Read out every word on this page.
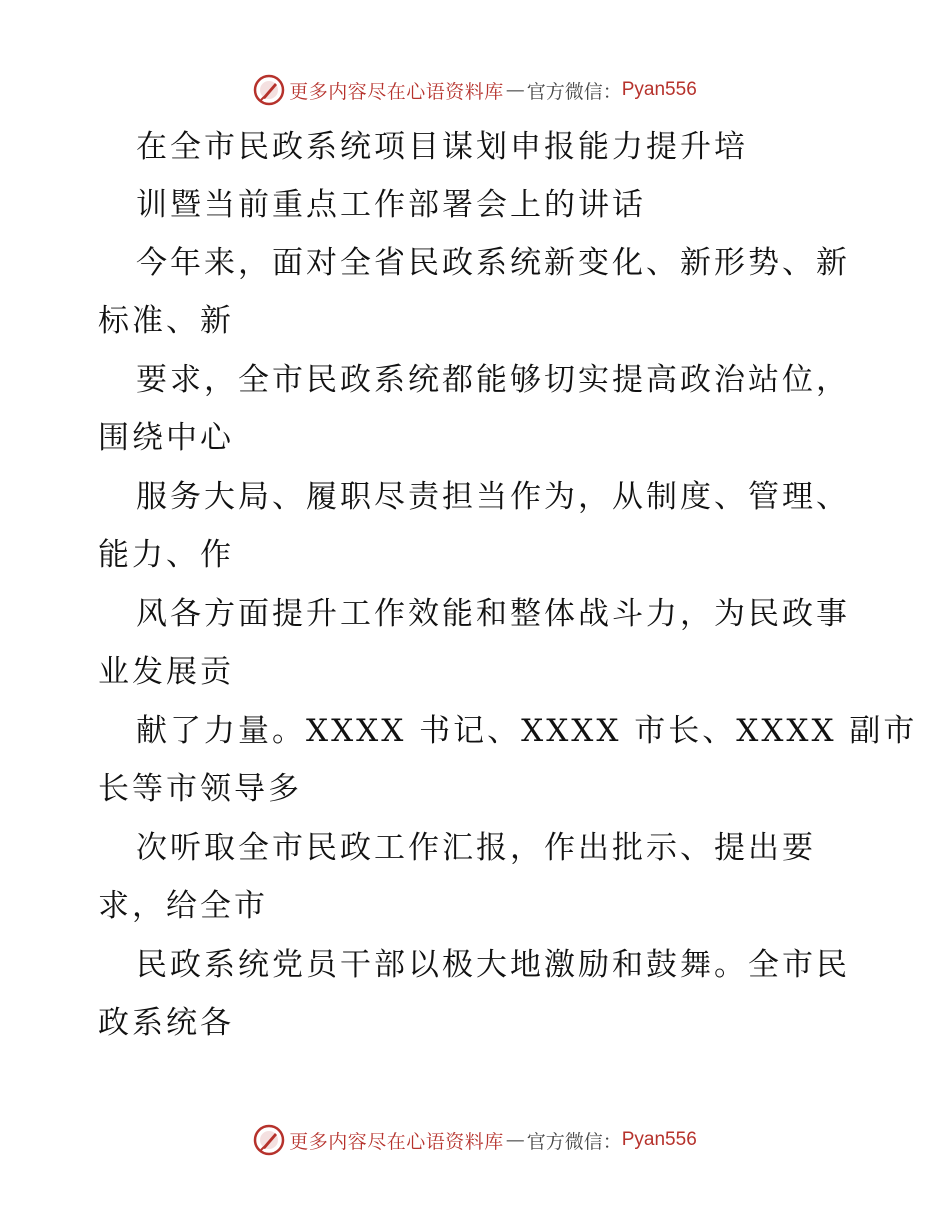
更多内容尽在心语资料库 — 官方微信： Pyan556
在全市民政系统项目谋划申报能力提升培
训暨当前重点工作部署会上的讲话
今年来，面对全省民政系统新变化、新形势、新
标准、新
要求，全市民政系统都能够切实提高政治站位，
围绕中心
服务大局、履职尽责担当作为，从制度、管理、
能力、作
风各方面提升工作效能和整体战斗力，为民政事
业发展贡
献了力量。XXXX 书记、XXXX 市长、XXXX 副市
长等市领导多
次听取全市民政工作汇报，作出批示、提出要
求，给全市
民政系统党员干部以极大地激励和鼓舞。全市民
政系统各
更多内容尽在心语资料库 — 官方微信： Pyan556
